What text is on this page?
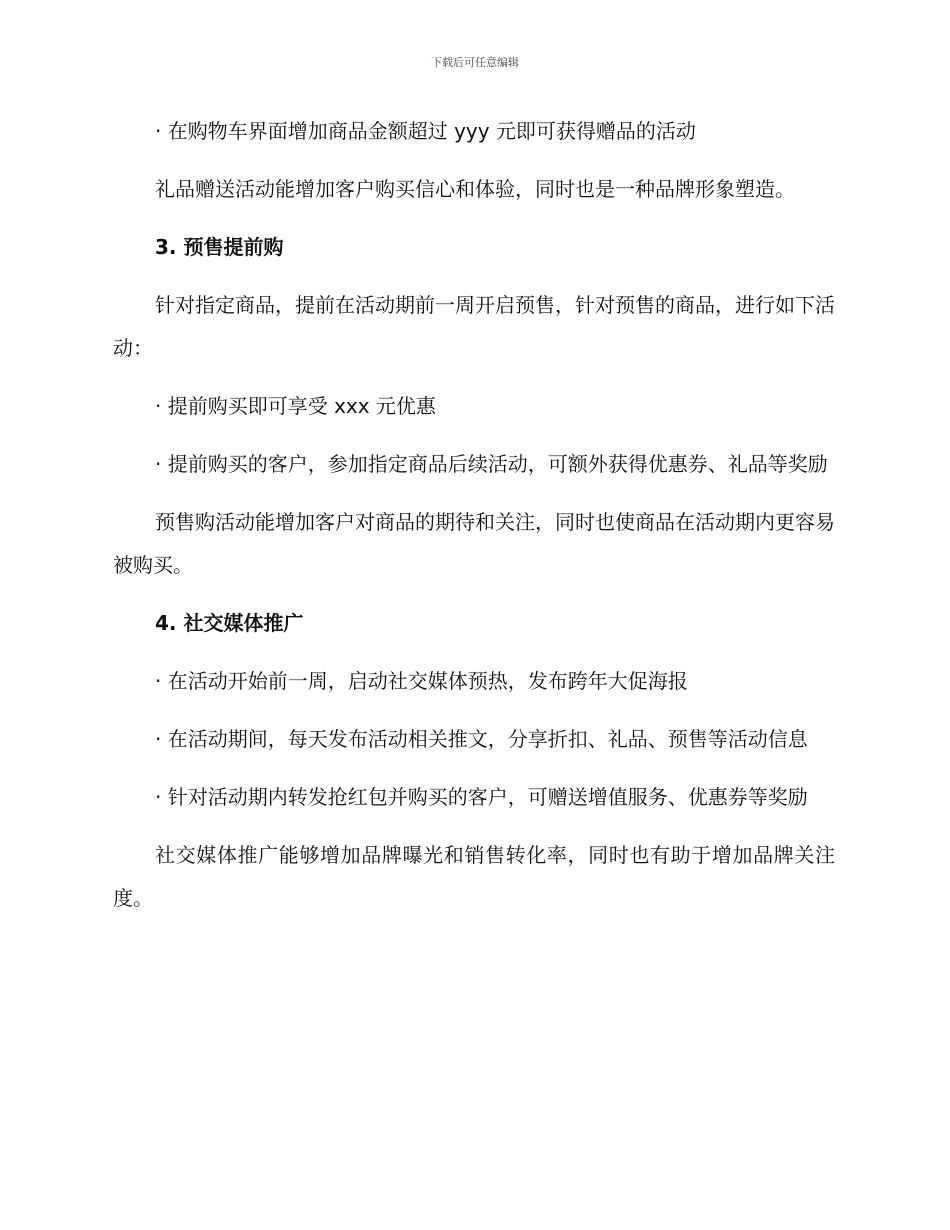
下载后可任意编辑

· 在购物车界面增加商品金额超过 yyy 元即可获得赠品的活动

礼品赠送活动能增加客户购买信心和体验，同时也是一种品牌形象塑造。

3. 预售提前购

针对指定商品，提前在活动期前一周开启预售，针对预售的商品，进行如下活动：

· 提前购买即可享受 xxx 元优惠

· 提前购买的客户，参加指定商品后续活动，可额外获得优惠券、礼品等奖励

预售购活动能增加客户对商品的期待和关注，同时也使商品在活动期内更容易被购买。

4. 社交媒体推广

· 在活动开始前一周，启动社交媒体预热，发布跨年大促海报

· 在活动期间，每天发布活动相关推文，分享折扣、礼品、预售等活动信息

· 针对活动期内转发抢红包并购买的客户，可赠送增值服务、优惠券等奖励

社交媒体推广能够增加品牌曝光和销售转化率，同时也有助于增加品牌关注度。
